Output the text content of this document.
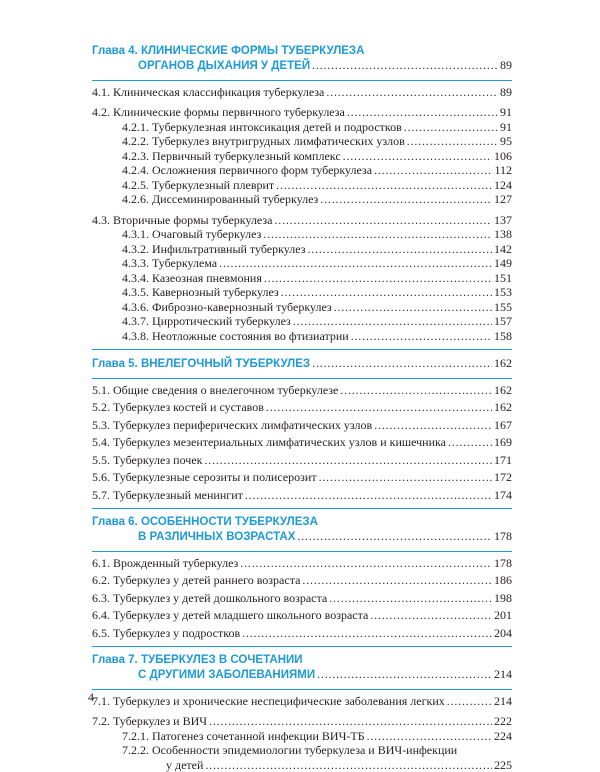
Глава 4. КЛИНИЧЕСКИЕ ФОРМЫ ТУБЕРКУЛЕЗА
ОРГАНОВ ДЫХАНИЯ У ДЕТЕЙ .....	89
4.1. Клиническая классификация туберкулеза .....	89
4.2. Клинические формы первичного туберкулеза .....	91
4.2.1. Туберкулезная интоксикация детей и подростков .....	91
4.2.2. Туберкулез внутригрудных лимфатических узлов .....	95
4.2.3. Первичный туберкулезный комплекс .....	106
4.2.4. Осложнения первичного форм туберкулеза .....	112
4.2.5. Туберкулезный плеврит .....	124
4.2.6. Диссеминированный туберкулез .....	127
4.3. Вторичные формы туберкулеза .....	137
4.3.1. Очаговый туберкулез .....	138
4.3.2. Инфильтративный туберкулез .....	142
4.3.3. Туберкулема .....	149
4.3.4. Казеозная пневмония .....	151
4.3.5. Кавернозный туберкулез .....	153
4.3.6. Фиброзно-кавернозный туберкулез .....	155
4.3.7. Цирротический туберкулез .....	157
4.3.8. Неотложные состояния во фтизиатрии .....	158
Глава 5. ВНЕЛЕГОЧНЫЙ ТУБЕРКУЛЕЗ .....	162
5.1. Общие сведения о внелегочном туберкулезе .....	162
5.2. Туберкулез костей и суставов .....	162
5.3. Туберкулез периферических лимфатических узлов .....	167
5.4. Туберкулез мезентериальных лимфатических узлов и кишечника .....	169
5.5. Туберкулез почек .....	171
5.6. Туберкулезные серозиты и полисерозит .....	172
5.7. Туберкулезный менингит .....	174
Глава 6. ОСОБЕННОСТИ ТУБЕРКУЛЕЗА
В РАЗЛИЧНЫХ ВОЗРАСТАХ .....	178
6.1. Врожденный туберкулез .....	178
6.2. Туберкулез у детей раннего возраста .....	186
6.3. Туберкулез у детей дошкольного возраста .....	198
6.4. Туберкулез у детей младшего школьного возраста .....	201
6.5. Туберкулез у подростков .....	204
Глава 7. ТУБЕРКУЛЕЗ В СОЧЕТАНИИ
С ДРУГИМИ ЗАБОЛЕВАНИЯМИ .....	214
7.1. Туберкулез и хронические неспецифические заболевания легких .....	214
7.2. Туберкулез и ВИЧ .....	222
7.2.1. Патогенез сочетанной инфекции ВИЧ-ТБ .....	224
7.2.2. Особенности эпидемиологии туберкулеза и ВИЧ-инфекции
у детей .....	225
4
